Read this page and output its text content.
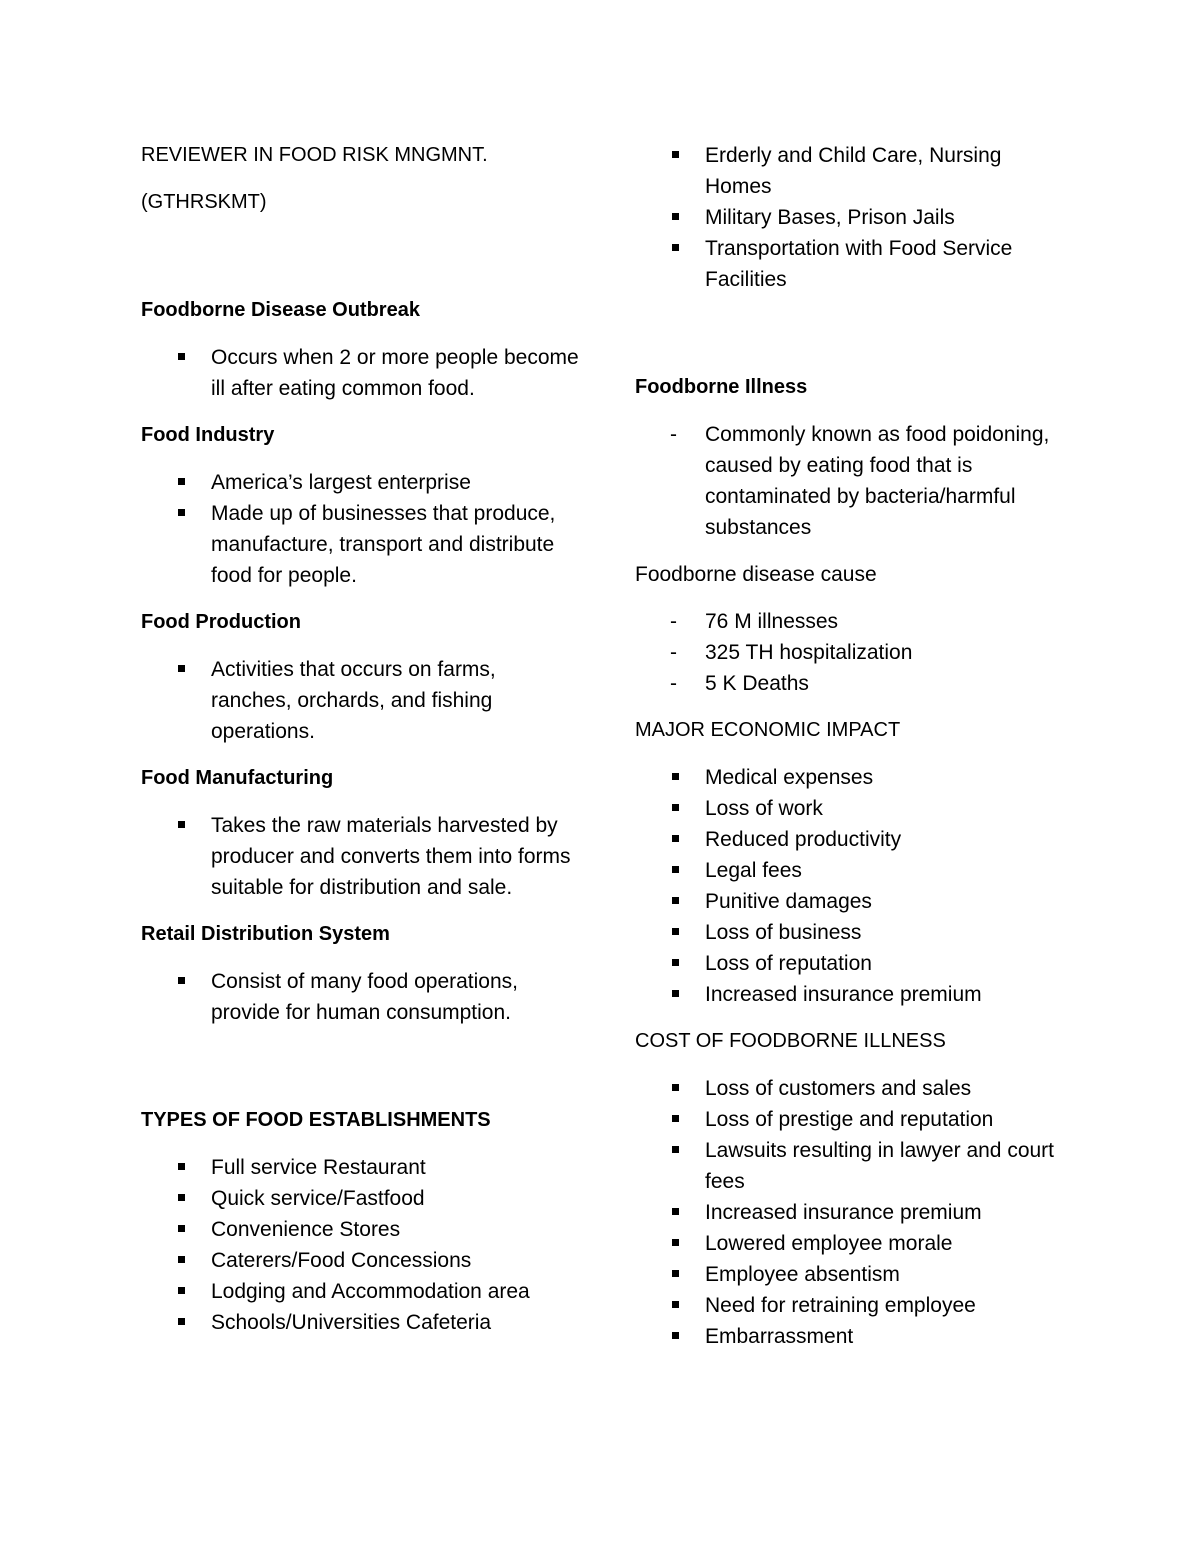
REVIEWER IN FOOD RISK MNGMNT.

(GTHRSKMT)

Foodborne Disease Outbreak

Occurs when 2 or more people become ill after eating common food.

Food Industry

America’s largest enterprise
Made up of businesses that produce, manufacture, transport and distribute food for people.

Food Production

Activities that occurs on farms, ranches, orchards, and fishing operations.

Food Manufacturing

Takes the raw materials harvested by producer and converts them into forms suitable for distribution and sale.

Retail Distribution System

Consist of many food operations, provide for human consumption.

TYPES OF FOOD ESTABLISHMENTS

Full service Restaurant
Quick service/Fastfood
Convenience Stores
Caterers/Food Concessions
Lodging and Accommodation area
Schools/Universities Cafeteria
Erderly and Child Care, Nursing Homes
Military Bases, Prison Jails
Transportation with Food Service Facilities

Foodborne Illness

- Commonly known as food poidoning, caused by eating food that is contaminated by bacteria/harmful substances

Foodborne disease cause

- 76 M illnesses
- 325 TH hospitalization
- 5 K Deaths

MAJOR ECONOMIC IMPACT

Medical expenses
Loss of work
Reduced productivity
Legal fees
Punitive damages
Loss of business
Loss of reputation
Increased insurance premium

COST OF FOODBORNE ILLNESS

Loss of customers and sales
Loss of prestige and reputation
Lawsuits resulting in lawyer and court fees
Increased insurance premium
Lowered employee morale
Employee absentism
Need for retraining employee
Embarrassment
